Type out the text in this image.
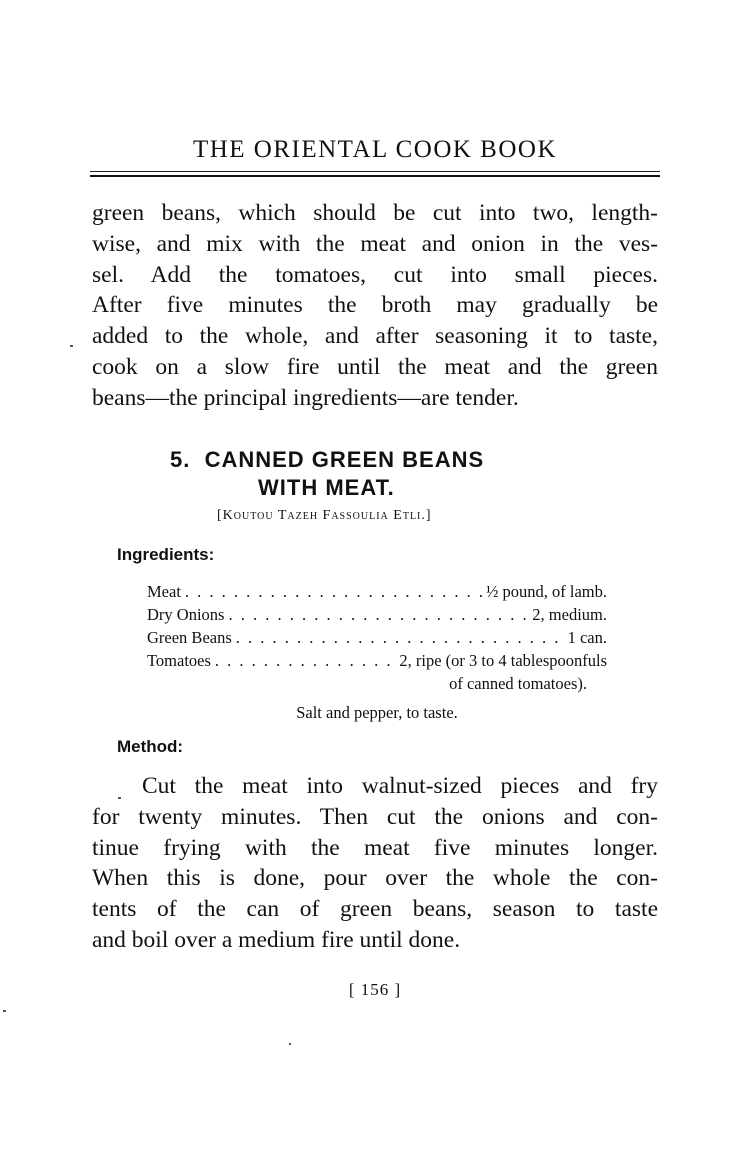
THE ORIENTAL COOK BOOK
green beans, which should be cut into two, length-
wise, and mix with the meat and onion in the ves-
sel. Add the tomatoes, cut into small pieces.
After five minutes the broth may gradually be
added to the whole, and after seasoning it to taste,
cook on a slow fire until the meat and the green
beans—the principal ingredients—are tender.
5.  CANNED GREEN BEANS
WITH MEAT.
[Koutou Tazeh Fassoulia Etli.]
Ingredients:
Meat . . .	½ pound, of lamb.
Dry Onions . . .	2, medium.
Green Beans . . .	1 can.
Tomatoes . . .	2, ripe (or 3 to 4 tablespoonfuls
of canned tomatoes).
Salt and pepper, to taste.
Method:
Cut the meat into walnut-sized pieces and fry
for twenty minutes. Then cut the onions and con-
tinue frying with the meat five minutes longer.
When this is done, pour over the whole the con-
tents of the can of green beans, season to taste
and boil over a medium fire until done.
[ 156 ]
